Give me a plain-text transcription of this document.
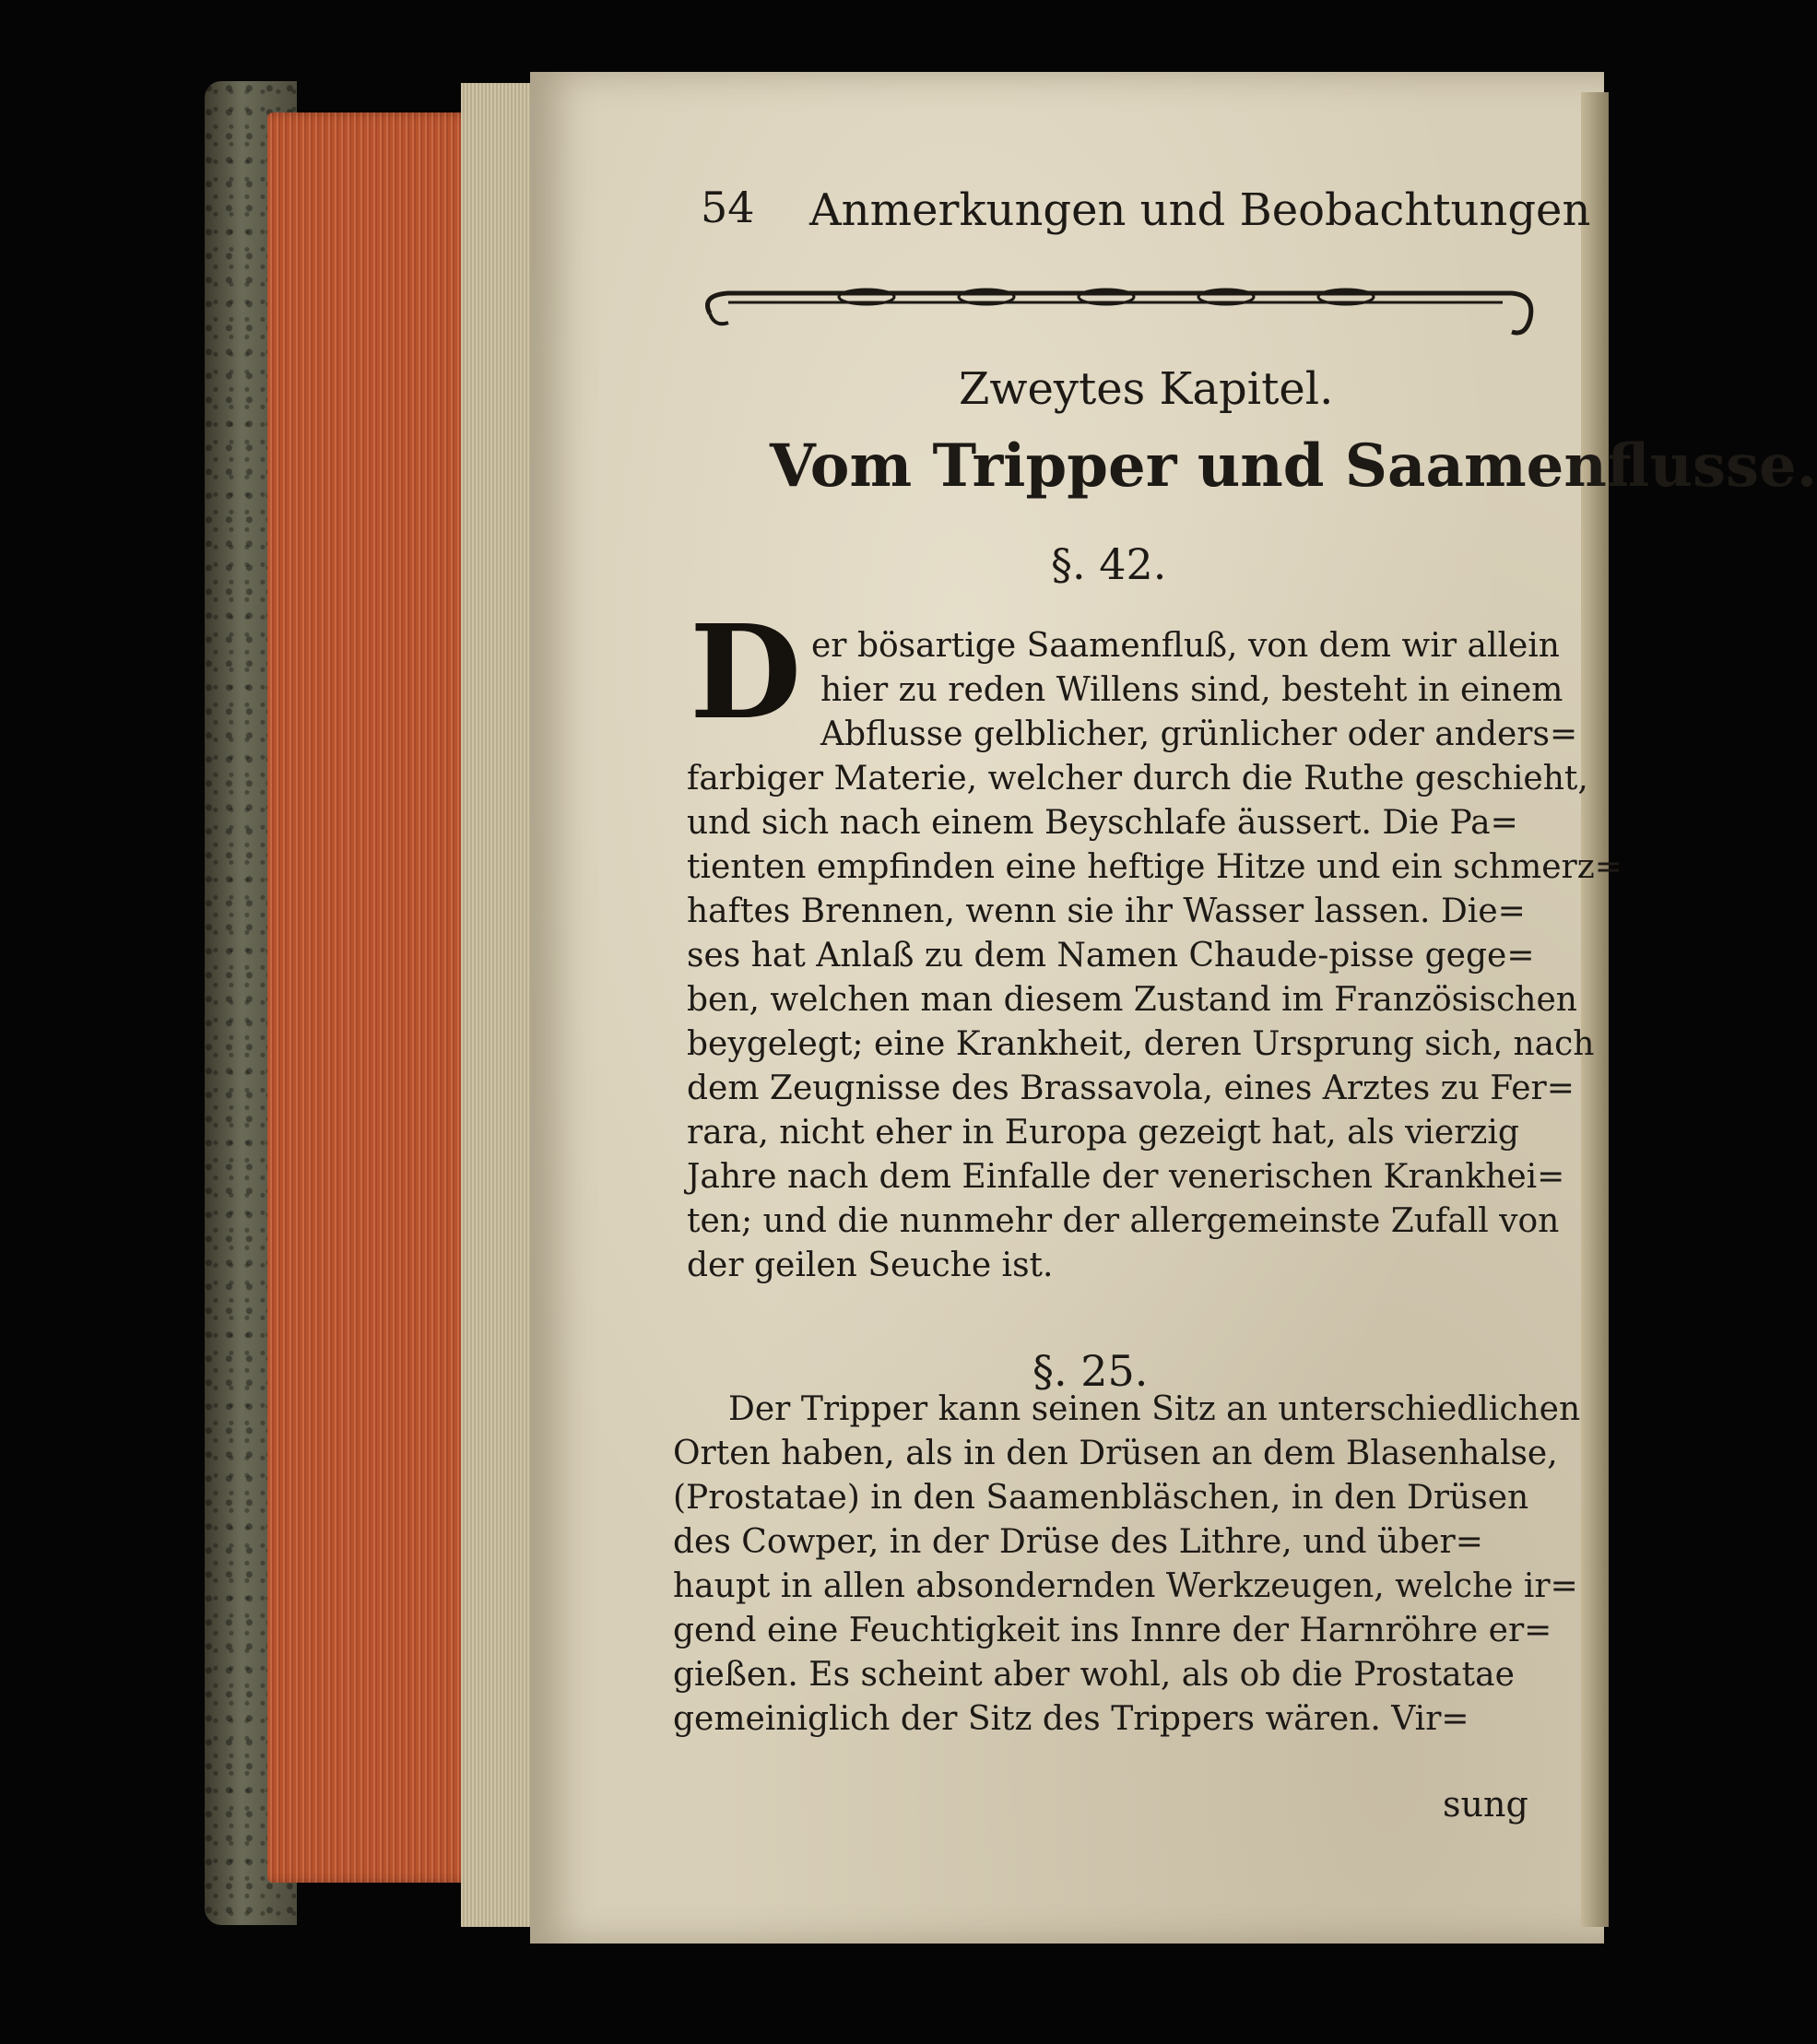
54 Anmerkungen und Beobachtungen
Zweytes Kapitel.
Vom Tripper und Saamenflusse.
§. 42.
D er bösartige Saamenfluß, von dem wir allein
hier zu reden Willens sind, besteht in einem
Abflusse gelblicher, grünlicher oder anders=
farbiger Materie, welcher durch die Ruthe geschieht,
und sich nach einem Beyschlafe äussert. Die Pa=
tienten empfinden eine heftige Hitze und ein schmerz=
haftes Brennen, wenn sie ihr Wasser lassen. Die=
ses hat Anlaß zu dem Namen Chaude-pisse gege=
ben, welchen man diesem Zustand im Französischen
beygelegt; eine Krankheit, deren Ursprung sich, nach
dem Zeugnisse des Brassavola, eines Arztes zu Fer=
rara, nicht eher in Europa gezeigt hat, als vierzig
Jahre nach dem Einfalle der venerischen Krankhei=
ten; und die nunmehr der allergemeinste Zufall von
der geilen Seuche ist.
§. 25.
Der Tripper kann seinen Sitz an unterschiedlichen
Orten haben, als in den Drüsen an dem Blasenhalse,
(Prostatae) in den Saamenbläschen, in den Drüsen
des Cowper, in der Drüse des Lithre, und über=
haupt in allen absondernden Werkzeugen, welche ir=
gend eine Feuchtigkeit ins Innre der Harnröhre er=
gießen. Es scheint aber wohl, als ob die Prostatae
gemeiniglich der Sitz des Trippers wären. Vir=
sung
